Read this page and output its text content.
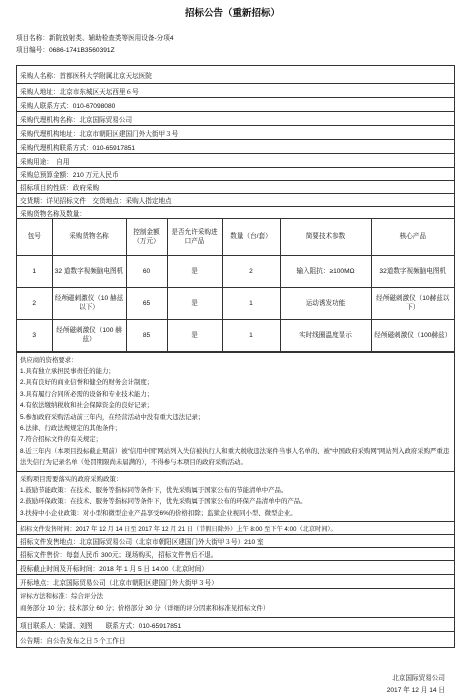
招标公告（重新招标）
项目名称：新院放射类、辅助检查类等医用设备-分项4
项目编号：0686-1741B3560391Z
采购人名称：首都医科大学附属北京天坛医院
采购人地址：北京市东城区天坛西里６号
采购人联系方式：010-67098080
采购代理机构名称：北京国际贸易公司
采购代理机构地址：北京市朝阳区建国门外大街甲３号
采购代理机构联系方式：010-65917851
采购用途：　自用
采购总预算金额：210 万元人民币
招标项目的性质：政府采购
交货期：详见招标文件　交货地点：采购人指定地点
采购货物名称及数量：
包号	采购货物名称	控制金额（万元）	是否允许采购进口产品	数量（台/套）	简要技术参数	核心产品
1	32 道数字视频脑电图机	60	是	2	输入阻抗：≥100MΩ	32道数字视频脑电图机
2	经颅磁刺激仪（10 赫兹以下）	65	是	1	运动诱发功能	经颅磁刺激仪（10赫兹以下）
3	经颅磁刺激仪（100 赫兹）	85	是	1	实时线圈温度显示	经颅磁刺激仪（100赫兹）
供应商的资格要求：
1.具有独立承担民事责任的能力；
2.具有良好的商业信誉和健全的财务会计制度；
3.具有履行合同所必需的设备和专业技术能力；
4.有依法缴纳税收和社会保障资金的良好记录；
5.参加政府采购活动前三年内，在经营活动中没有重大违法记录；
6.法律、行政法规规定的其他条件；
7.符合招标文件的有关规定；
8.近三年内（本项目投标截止期前）被“信用中国”网站列入失信被执行人和重大税收违法案件当事人名单的、被“中国政府采购网”网站列入政府采购严重违法失信行为记录名单（处罚期限尚未届满的），不得参与本项目的政府采购活动。
采购项目需要落实的政府采购政策：
1.鼓励节能政策：在技术、服务等指标同等条件下，优先采购属于国家公布的节能清单中产品。
2.鼓励环保政策：在技术、服务等指标同等条件下，优先采购属于国家公布的环保产品清单中的产品。
3.扶持中小企业政策：对小型和微型企业产品享受6%的价格扣除；监狱企业视同小型、微型企业。
招标文件发售时间：2017 年 12 月 14 日至 2017 年 12 月 21 日（节假日除外）上午 8:00 至下午 4:00（北京时间）。
招标文件发售地点：北京国际贸易公司（北京市朝阳区建国门外大街甲３号）210 室
招标文件售价：每套人民币 300元；现场购买，招标文件售后不退。
投标截止时间及开标时间：2018 年 1 月 5 日 14:00（北京时间）
开标地点：北京国际贸易公司（北京市朝阳区建国门外大街甲３号）
评标方法和标准：综合评分法
商务部分 10 分；技术部分 60 分；价格部分 30 分（详细的评分因素和标准见招标文件）
项目联系人：梁潇、刘图　　联系方式：010-65917851
公告期：自公告发布之日５个工作日
北京国际贸易公司
2017 年 12 月 14 日
